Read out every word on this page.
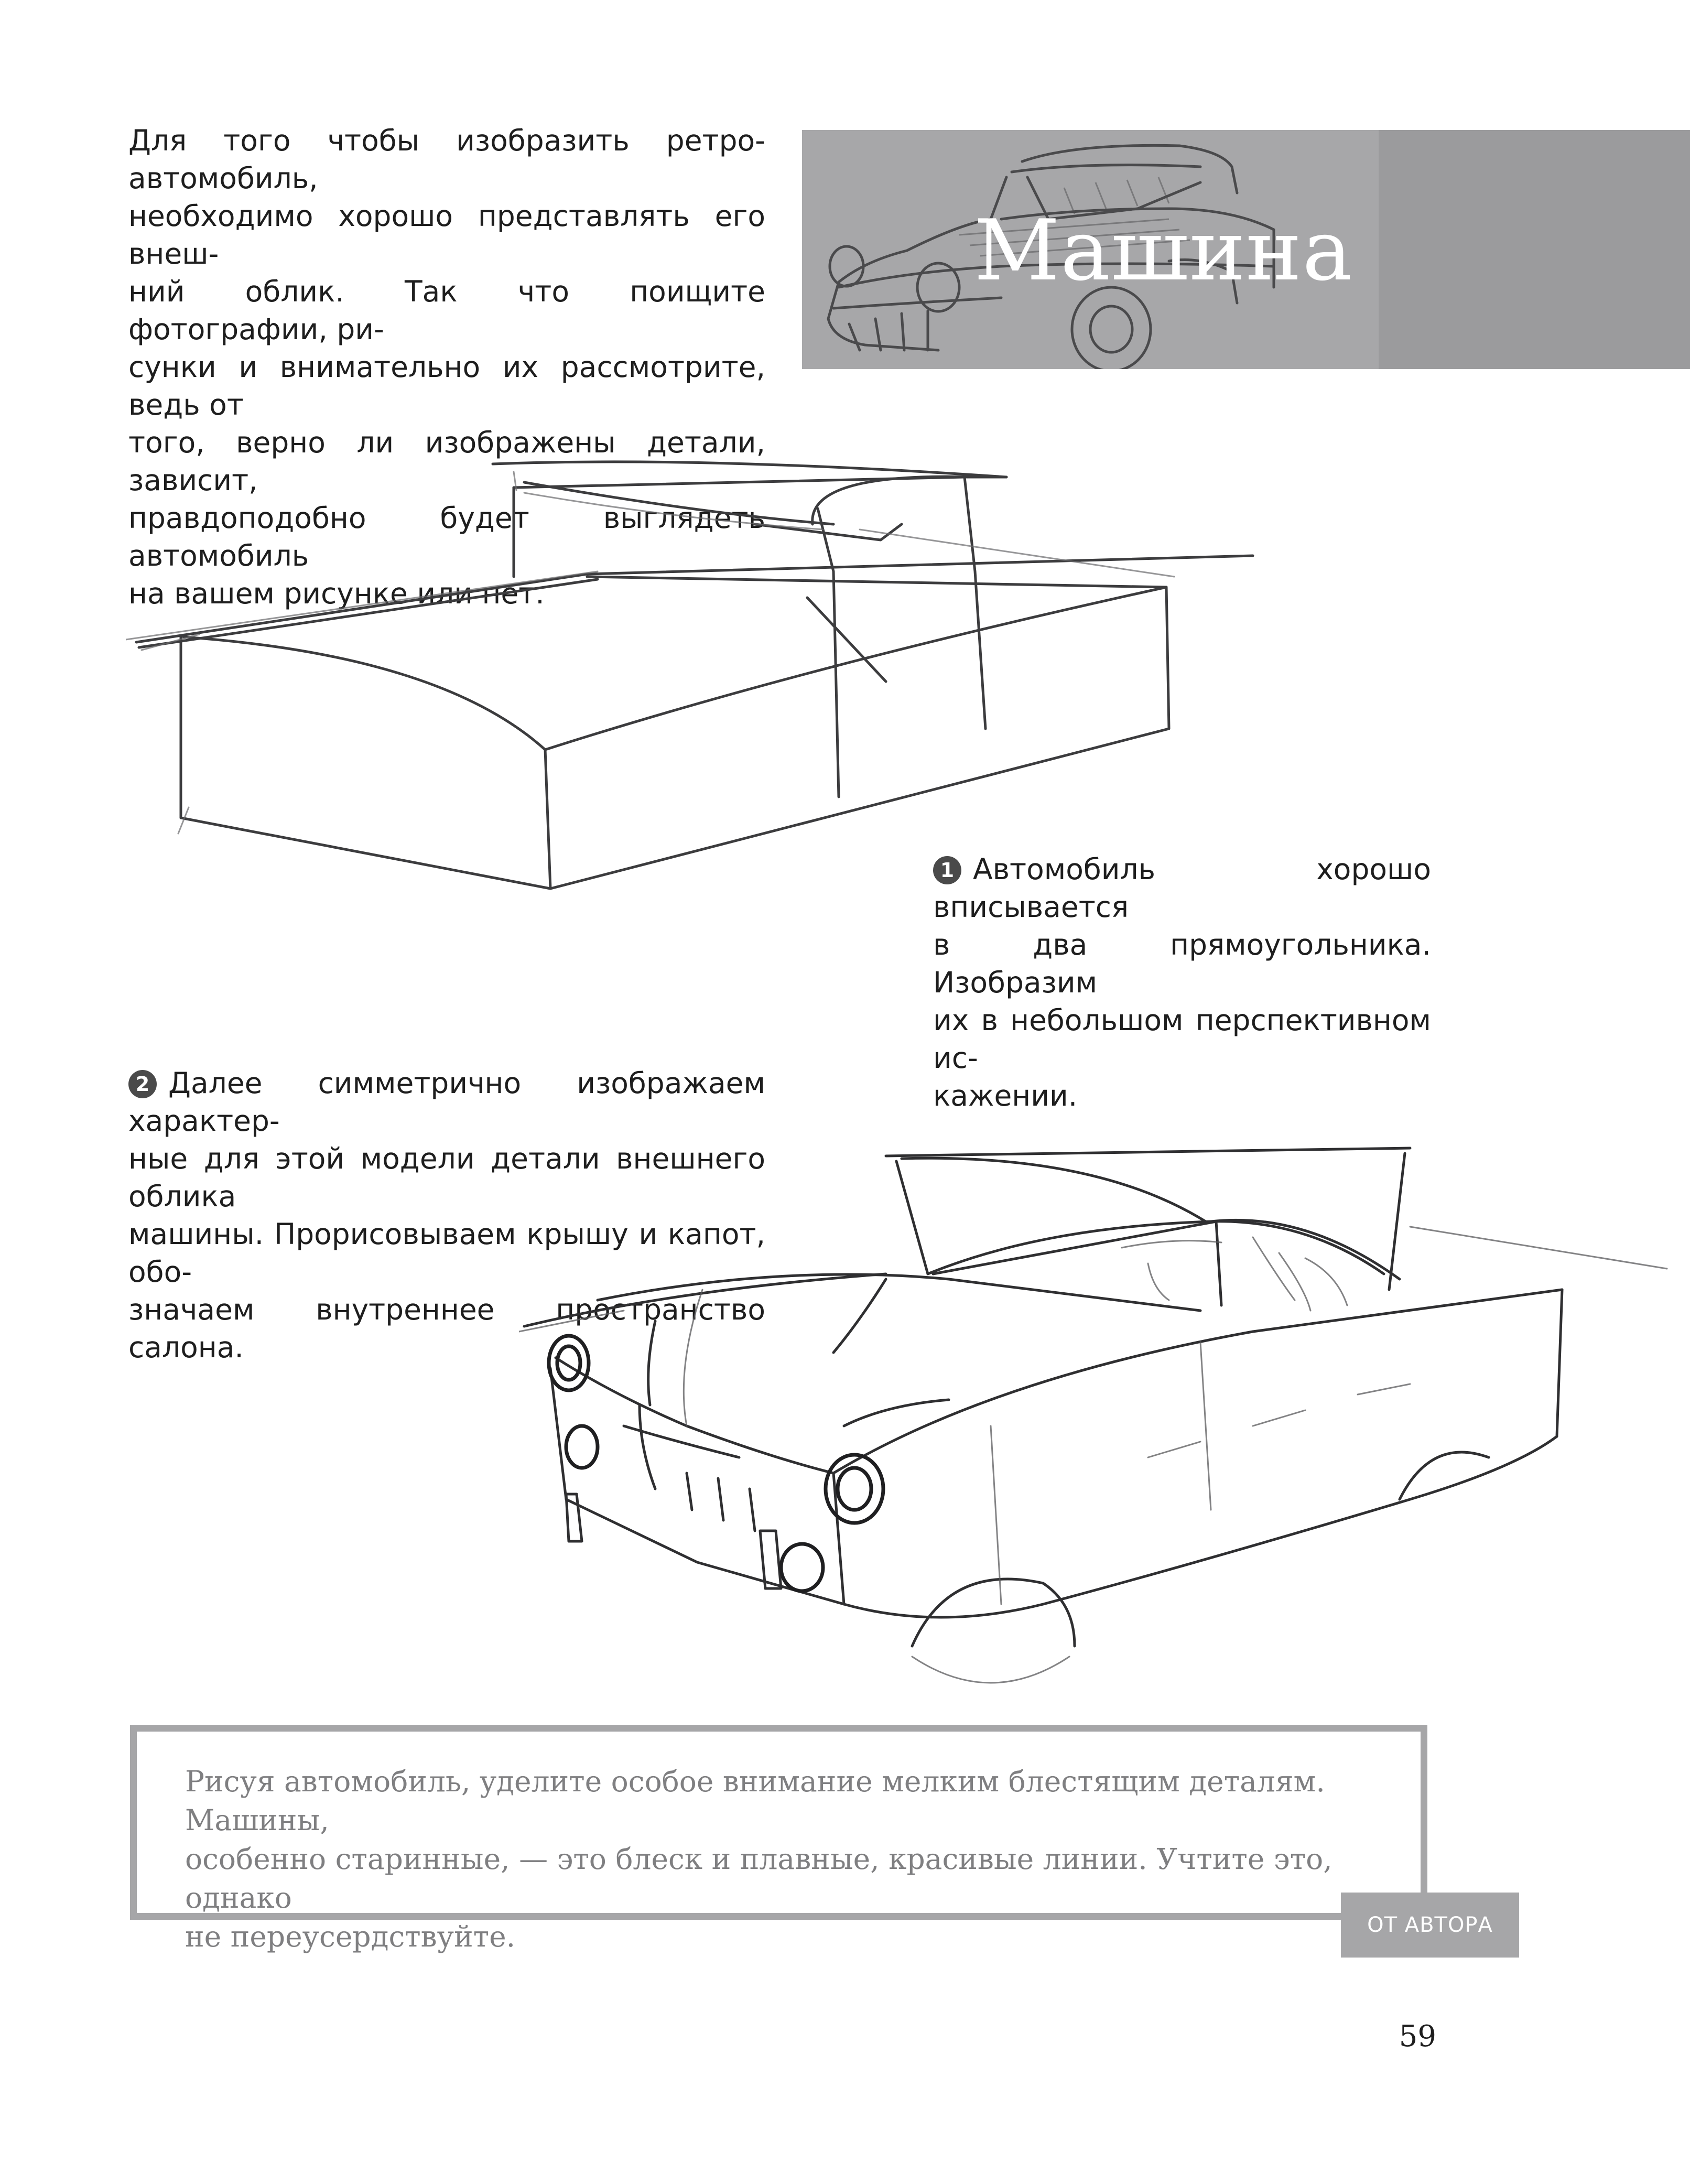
Для того чтобы изобразить ретро-автомобиль,
необходимо хорошо представлять его внеш-
ний облик. Так что поищите фотографии, ри-
сунки и внимательно их рассмотрите, ведь от
того, верно ли изображены детали, зависит,
правдоподобно будет выглядеть автомобиль
на вашем рисунке или нет.

Машина

1 Автомобиль хорошо вписывается
в два прямоугольника. Изобразим
их в небольшом перспективном ис-
кажении.

2 Далее симметрично изображаем характер-
ные для этой модели детали внешнего облика
машины. Прорисовываем крышу и капот, обо-
значаем внутреннее пространство салона.

Рисуя автомобиль, уделите особое внимание мелким блестящим деталям. Машины,
особенно старинные, — это блеск и плавные, красивые линии. Учтите это, однако
не переусердствуйте.	ОТ АВТОРА
59
